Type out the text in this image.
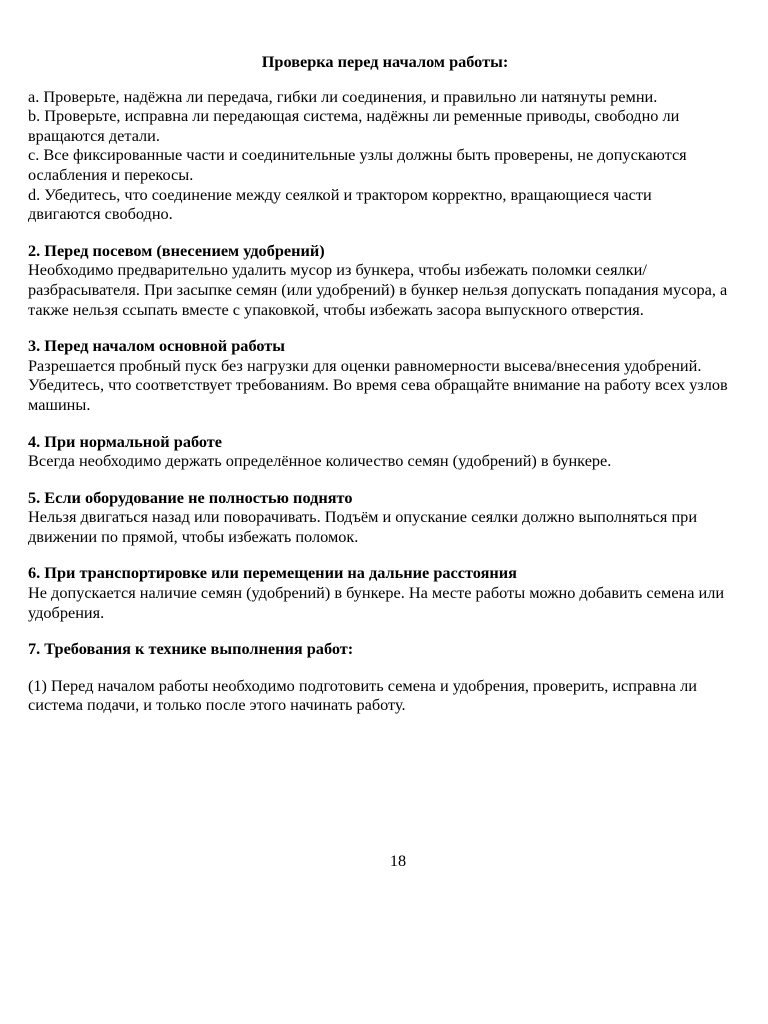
Проверка перед началом работы:

a. Проверьте, надёжна ли передача, гибки ли соединения, и правильно ли натянуты ремни.

b. Проверьте, исправна ли передающая система, надёжны ли ременные приводы, свободно ли вращаются детали.

c. Все фиксированные части и соединительные узлы должны быть проверены, не допускаются ослабления и перекосы.

d. Убедитесь, что соединение между сеялкой и трактором корректно, вращающиеся части двигаются свободно.

2. Перед посевом (внесением удобрений)

Необходимо предварительно удалить мусор из бункера, чтобы избежать поломки сеялки/разбрасывателя. При засыпке семян (или удобрений) в бункер нельзя допускать попадания мусора, а также нельзя ссыпать вместе с упаковкой, чтобы избежать засора выпускного отверстия.

3. Перед началом основной работы

Разрешается пробный пуск без нагрузки для оценки равномерности высева/внесения удобрений. Убедитесь, что соответствует требованиям. Во время сева обращайте внимание на работу всех узлов машины.

4. При нормальной работе

Всегда необходимо держать определённое количество семян (удобрений) в бункере.

5. Если оборудование не полностью поднято

Нельзя двигаться назад или поворачивать. Подъём и опускание сеялки должно выполняться при движении по прямой, чтобы избежать поломок.

6. При транспортировке или перемещении на дальние расстояния

Не допускается наличие семян (удобрений) в бункере. На месте работы можно добавить семена или удобрения.

7. Требования к технике выполнения работ:

(1) Перед началом работы необходимо подготовить семена и удобрения, проверить, исправна ли система подачи, и только после этого начинать работу.

18
